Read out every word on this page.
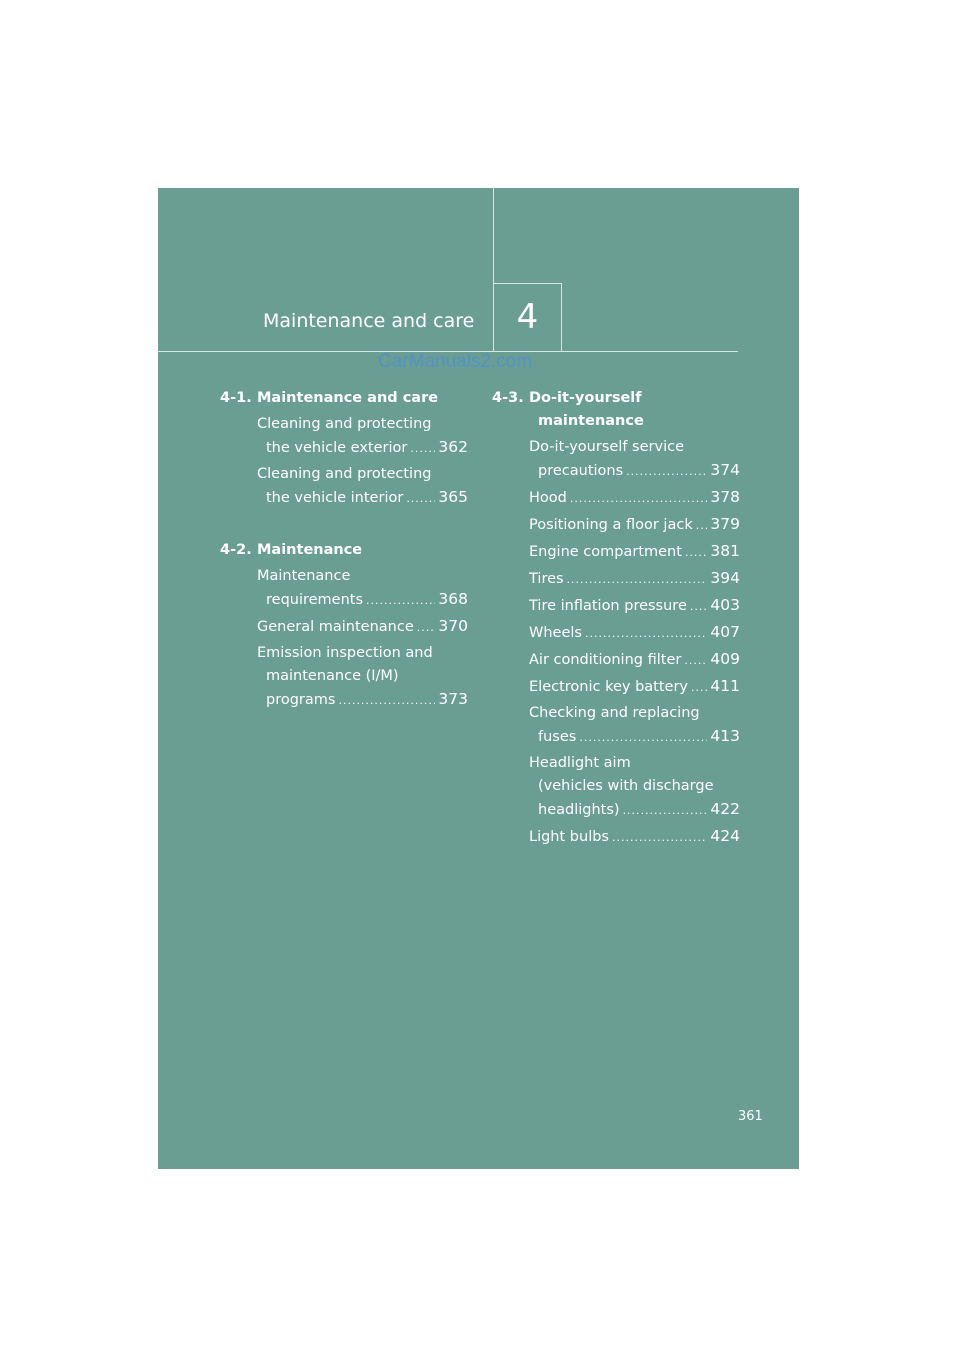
Maintenance and care	4
CarManuals2.com
4-1. Maintenance and care
Cleaning and protecting
the vehicle exterior ..... 362
Cleaning and protecting
the vehicle interior ..... 365
4-2. Maintenance
Maintenance
requirements .....	368
General maintenance ..... 370
Emission inspection and
maintenance (I/M)
programs .....	373
4-3. Do-it-yourself
maintenance
Do-it-yourself service
precautions .....	374
Hood .....	378
Positioning a floor jack ..... 379
Engine compartment ..... 381
Tires .....	394
Tire inflation pressure ..... 403
Wheels .....	407
Air conditioning filter ..... 409
Electronic key battery ..... 411
Checking and replacing
fuses .....	413
Headlight aim
(vehicles with discharge
headlights) .....	422
Light bulbs .....	424
361
